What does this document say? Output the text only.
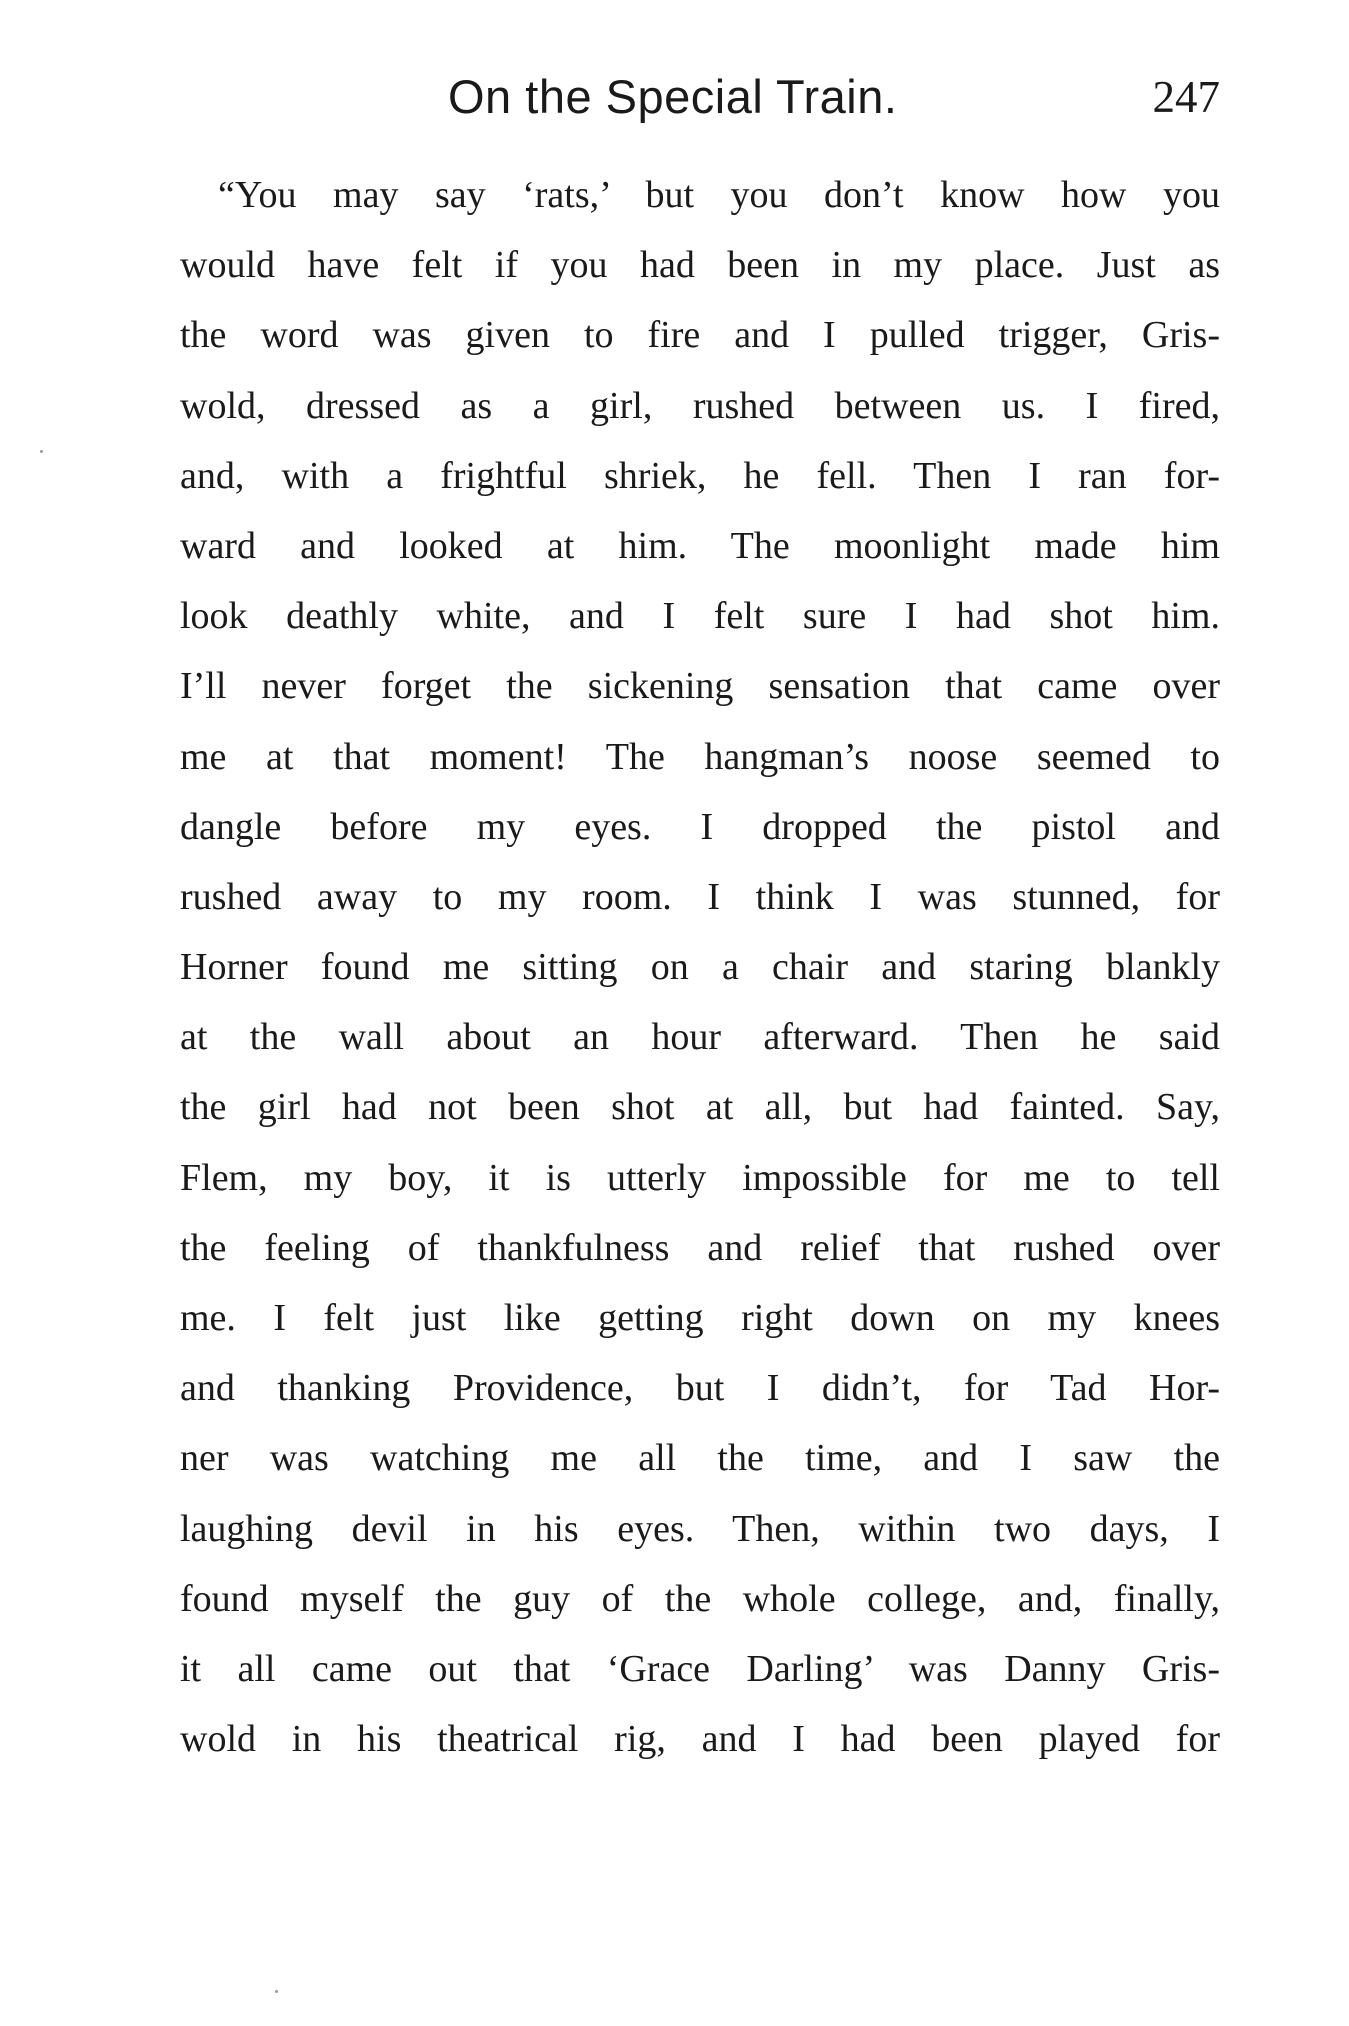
On the Special Train.	247
“You may say ‘rats,’ but you don’t know how you
would have felt if you had been in my place. Just as
the word was given to fire and I pulled trigger, Gris-
wold, dressed as a girl, rushed between us. I fired,
and, with a frightful shriek, he fell. Then I ran for-
ward and looked at him. The moonlight made him
look deathly white, and I felt sure I had shot him.
I’ll never forget the sickening sensation that came over
me at that moment! The hangman’s noose seemed to
dangle before my eyes. I dropped the pistol and
rushed away to my room. I think I was stunned, for
Horner found me sitting on a chair and staring blankly
at the wall about an hour afterward. Then he said
the girl had not been shot at all, but had fainted. Say,
Flem, my boy, it is utterly impossible for me to tell
the feeling of thankfulness and relief that rushed over
me. I felt just like getting right down on my knees
and thanking Providence, but I didn’t, for Tad Hor-
ner was watching me all the time, and I saw the
laughing devil in his eyes. Then, within two days, I
found myself the guy of the whole college, and, finally,
it all came out that ‘Grace Darling’ was Danny Gris-
wold in his theatrical rig, and I had been played for
